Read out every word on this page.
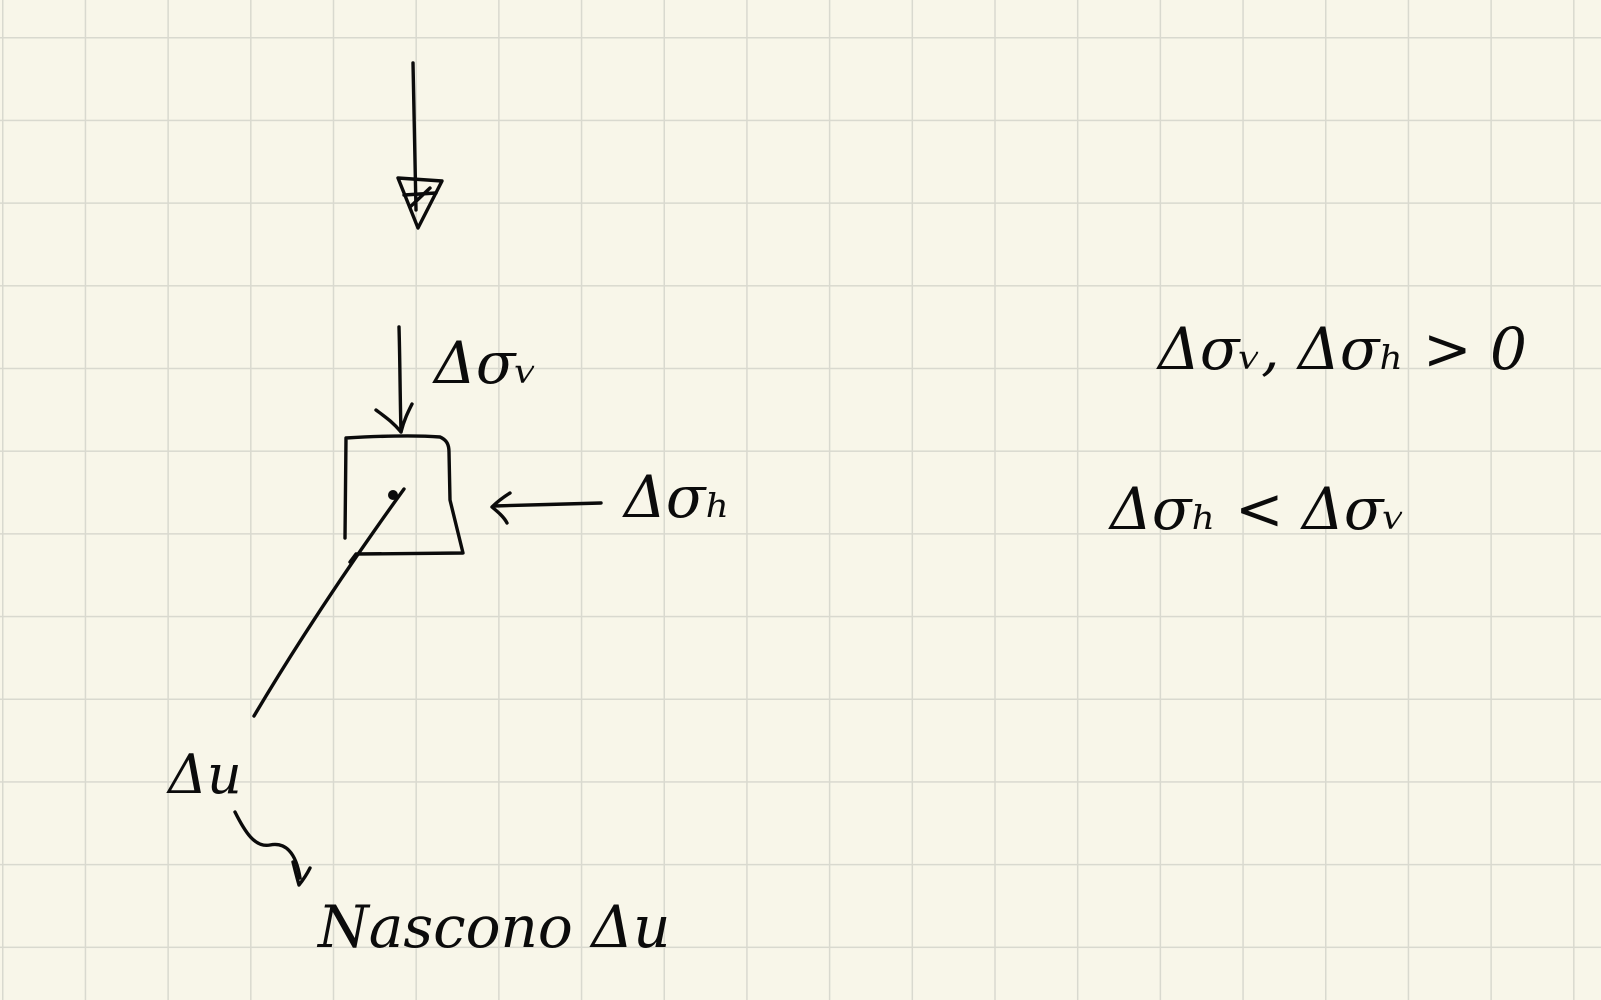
Δσᵥ
Δσₕ
Δu
Nascono Δu
Δσᵥ, Δσₕ > 0
Δσₕ < Δσᵥ
